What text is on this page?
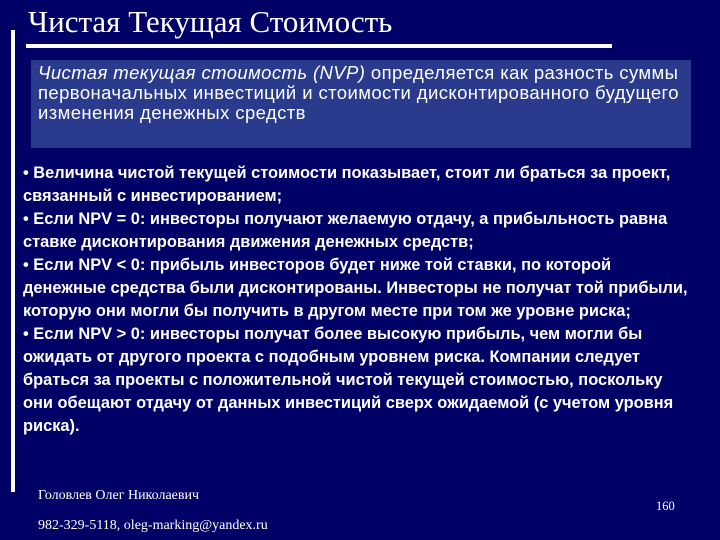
Чистая Текущая Стоимость
Чистая текущая стоимость (NVP) определяется как разность суммы первоначальных инвестиций и стоимости дисконтированного будущего изменения денежных средств

• Величина чистой текущей стоимости показывает, стоит ли браться за проект, связанный с инвестированием;

• Если NPV = 0: инвесторы получают желаемую отдачу, а прибыльность равна ставке дисконтирования движения денежных средств;

• Если NPV < 0: прибыль инвесторов будет ниже той ставки, по которой денежные средства были дисконтированы. Инвесторы не получат той прибыли, которую они могли бы получить в другом месте при том же уровне риска;

• Если NPV > 0: инвесторы получат более высокую прибыль, чем могли бы ожидать от другого проекта с подобным уровнем риска. Компании следует браться за проекты с положительной чистой текущей стоимостью, поскольку они обещают отдачу от данных инвестиций сверх ожидаемой (с учетом уровня риска).

Головлев Олег Николаевич
982-329-5118, oleg-marking@yandex.ru
160
